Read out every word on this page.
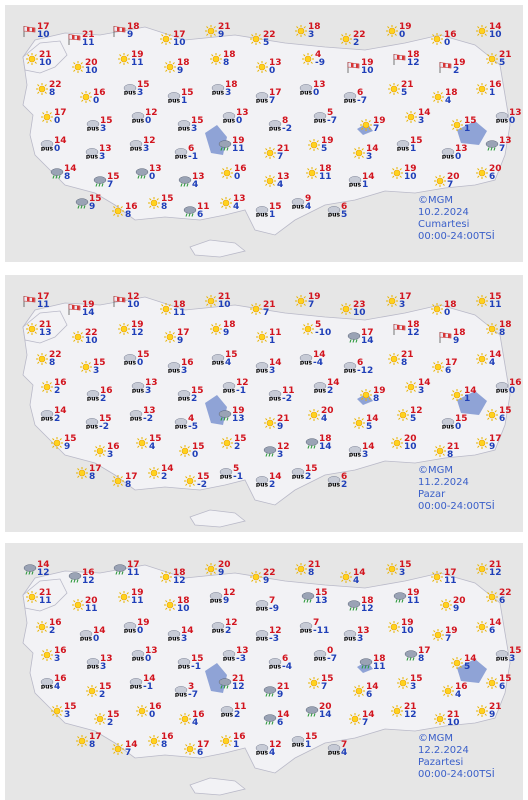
17
10	21
11
18
9	17
10
21
9	22
5
18
3	22
2
19
0	16
0
14
10
21
10	20
10
19
11	18
9
18
8	13
0
4
-9	19
10
18
12	19
2
21
5
22
8	16
0
pus
15
3
pus
15
1
pus
18
3
pus
17
7
pus
13
0
pus
6
-7
21
5	18
4
16
1
17
0
pus
15
3
pus
12
0
pus
15
3
pus
13
0
pus
8
-2
pus
5
-7	19
7
14
3	15
1
pus
13
0
pus
14
0
pus
13
3
pus
12
3
pus
6
-1
19
11	21
7
19
5	14
3
pus
15
1
pus
13
0
13
7
14
8	15
7
13
0	13
4
16
0	13
4
18
11
pus
14
1
19
10	20
7
20
6
15
9	16
8
15
8	11
6
13
4
pus
15
1
pus
9
4
pus
6
5
©MGM
10.2.2024
Cumartesi
00:00-24:00TSİ
17
11	19
14
12
10	18
11
21
10	21
7
19
7	23
10
17
3	18
0
15
11
21
13	22
10
19
12	17
9
18
9	11
1
5
-10	17
14
18
12	18
9
18
8
22
8	15
3
pus
15
0
pus
16
3
pus
15
4
pus
14
3
pus
14
-4
pus
6
-12
21
8	17
6
14
4
16
2
pus
16
2
pus
13
3
pus
15
2
pus
12
-1
pus
11
-2
pus
14
2	19
8
14
3	14
1
pus
16
0
pus
14
2
pus
15
-2
pus
13
-2
pus
4
-5
19
13	21
9
20
4	14
5
12
5
pus
15
0
15
6
15
9	16
3
15
4	15
0
15
2	12
3
18
14
pus
14
3
20
10	21
8
17
9
17
8	17
8
14
2	15
-2
pus
5
-1
pus
14
2
pus
15
2
pus
6
2
©MGM
11.2.2024
Pazar
00:00-24:00TSİ
14
12	16
12
17
11	18
12
20
9	22
9
21
8	14
4
15
3	17
11
21
12
21
11	20
11
19
11	18
10
pus
12
9
pus
7
-9
15
13	18
12
19
11	20
9
22
6
16
2
pus
14
0
pus
19
0
pus
14
3
pus
12
2
pus
12
-3
pus
7
-11
pus
13
3
19
10	19
7
14
6
16
3
pus
13
3
pus
13
0
pus
15
-1
pus
13
-3
pus
6
-4
pus
0
-7	18
11
17
8	14
5
pus
15
3
pus
16
4	15
2
pus
14
-1
pus
3
-7
21
12	21
9
15
7	14
6
15
3	16
4
15
6
15
3	15
2
16
0	16
4
pus
11
2	14
6
20
14	14
7
21
12	21
10
21
9
17
8	14
7
16
8	17
6
16
1
pus
12
4
pus
15
1
pus
7
4
©MGM
12.2.2024
Pazartesi
00:00-24:00TSİ
